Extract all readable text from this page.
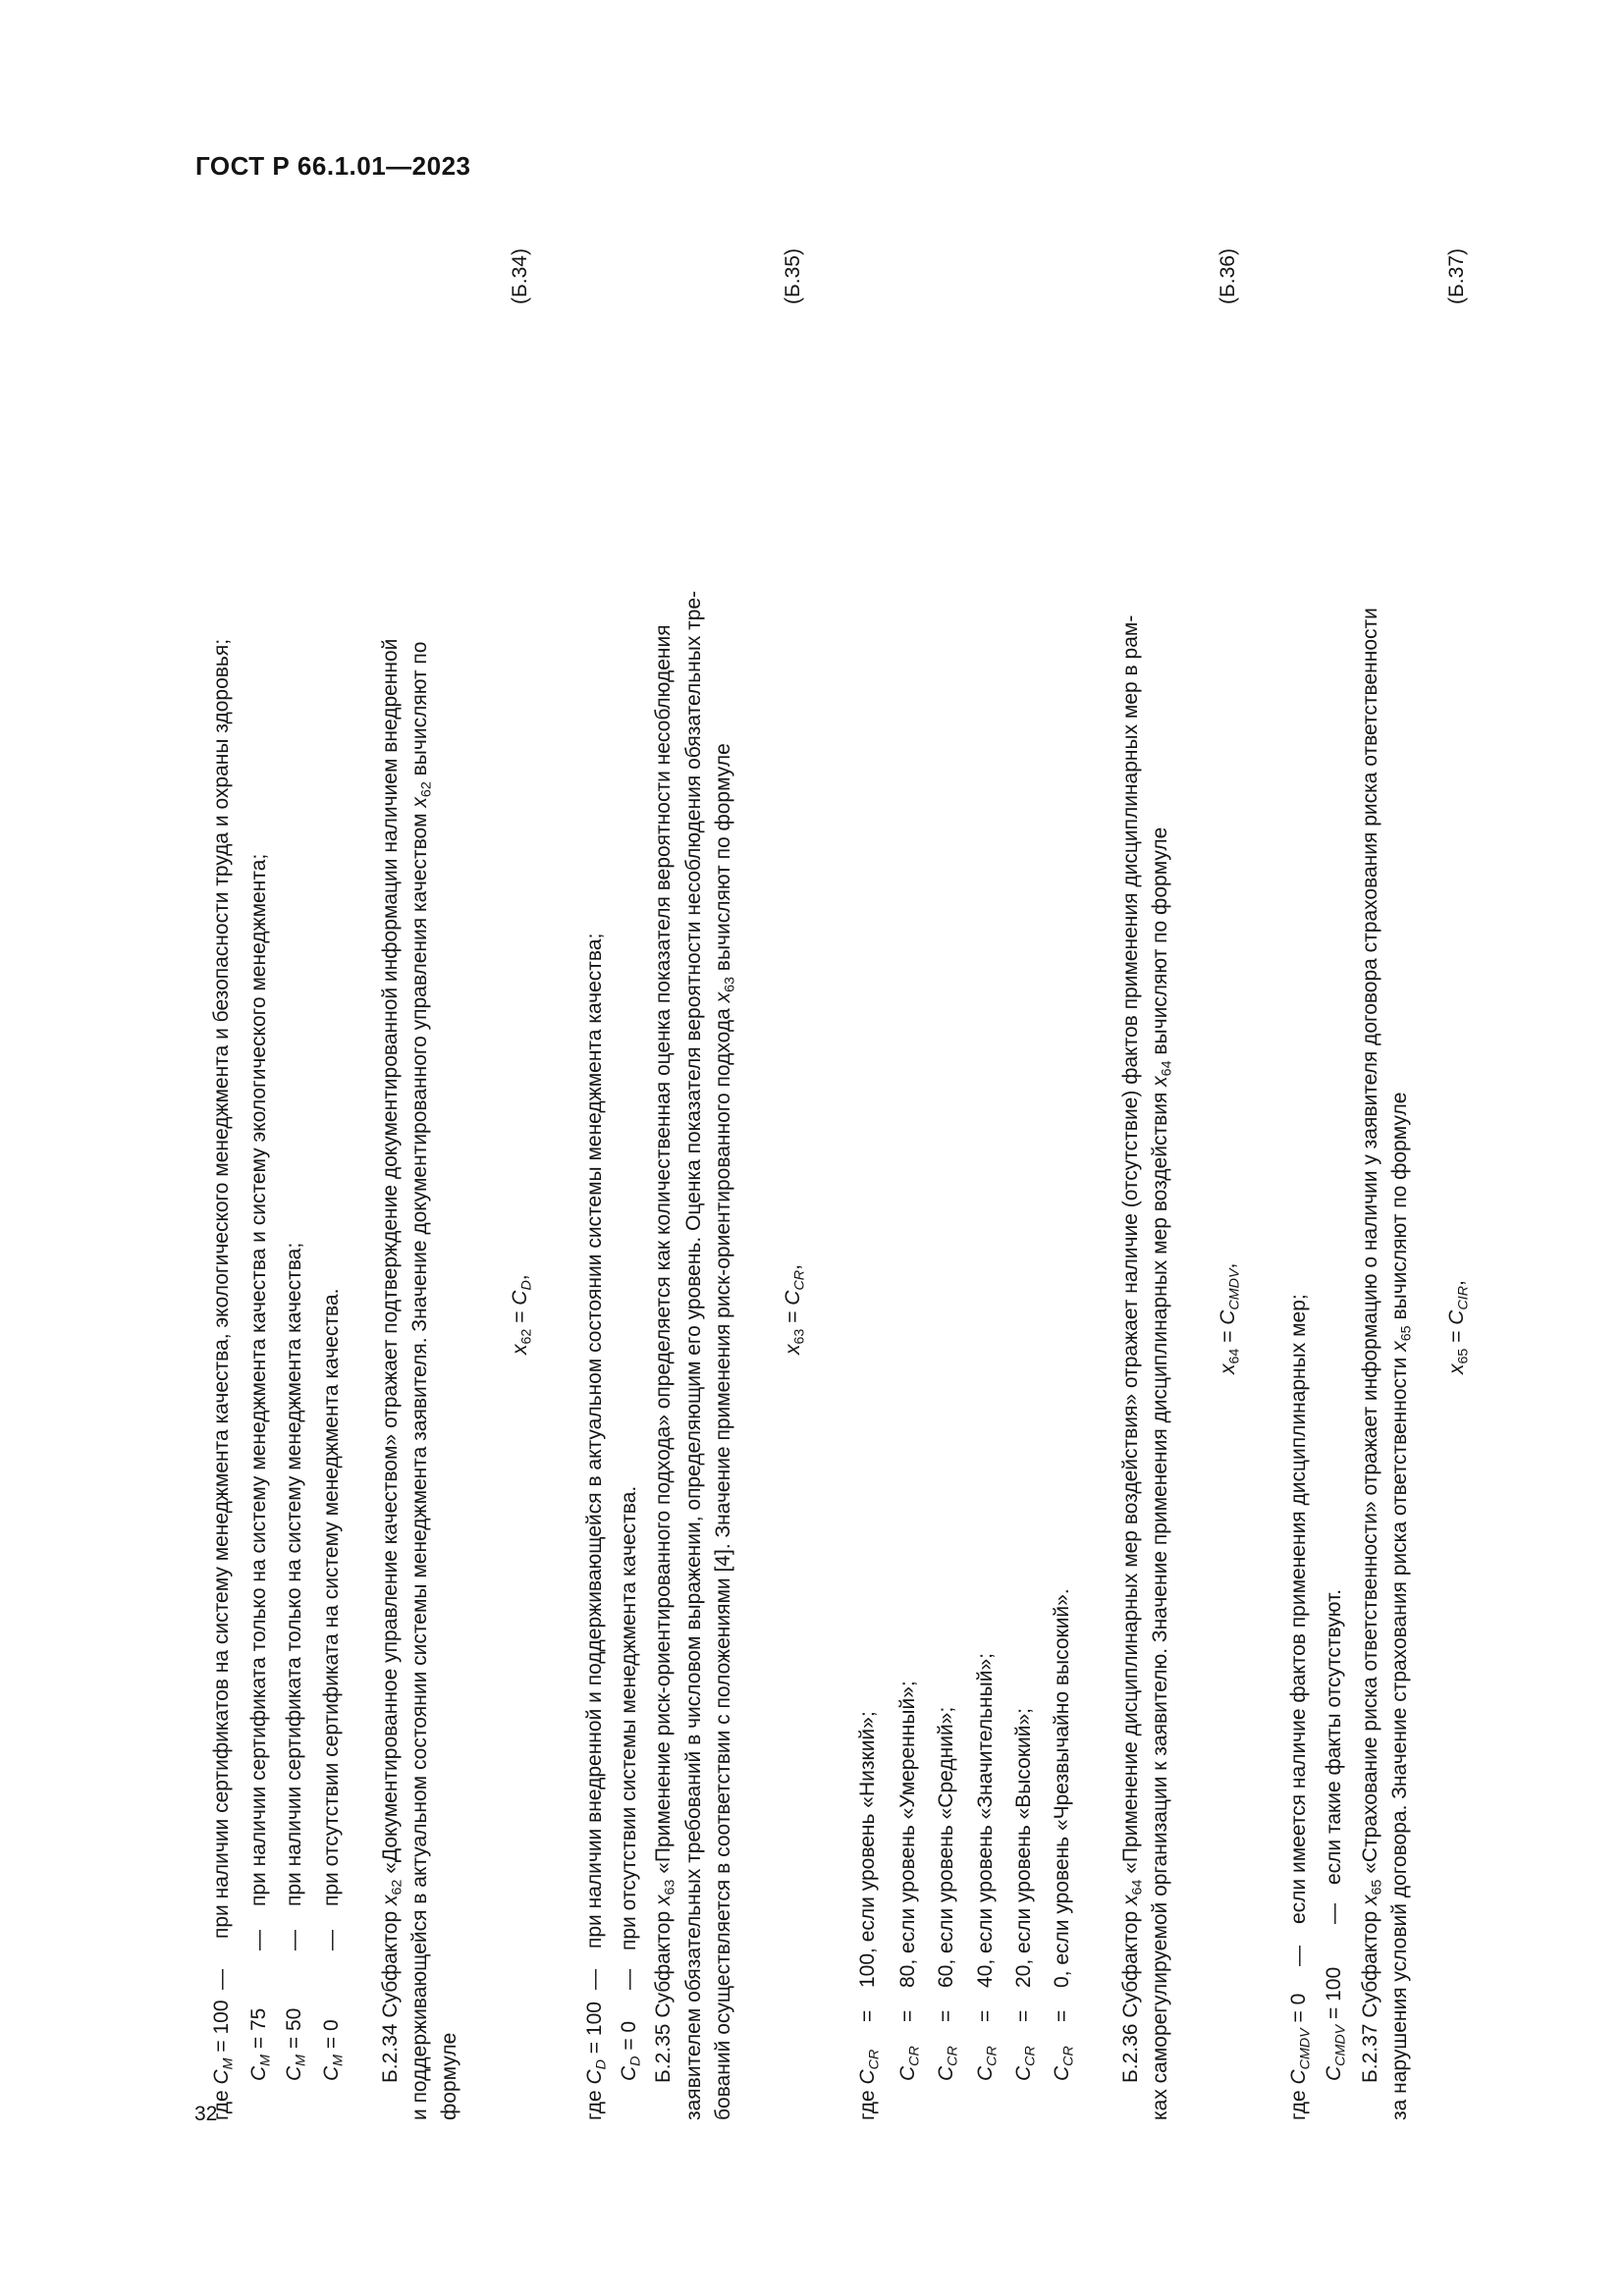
ГОСТ Р 66.1.01—2023
32
где $C_M = 100$
—
при наличии сертификатов на систему менеджмента качества, экологического менеджмента и безопасности труда и охраны здоровья;
$C_M = 75$
—
при наличии сертификата только на систему менеджмента качества и систему экологического менеджмента;
$C_M = 50$
—
при наличии сертификата только на систему менеджмента качества;
$C_M = 0$
—
при отсутствии сертификата на систему менеджмента качества.
Б.2.34 Субфактор $x_{62}$ «Документированное управление качеством» отражает подтверждение документированной информации наличием внедренной и поддерживающейся в актуальном состоянии системы менеджмента заявителя. Значение документированного управления качеством $x_{62}$ вычисляют по
формуле
$x_{62} = C_D$,
(Б.34)
где $C_D = 100$
—
при наличии внедренной и поддерживающейся в актуальном состоянии системы менеджмента качества;
$C_D = 0$
—
при отсутствии системы менеджмента качества.
Б.2.35 Субфактор $x_{63}$ «Применение риск-ориентированного подхода» определяется как количественная оценка показателя вероятности несоблюдения заявителем обязательных требований в числовом выражении, определяющим его уровень. Оценка показателя вероятности несоблюдения обязательных тре- бований осуществляется в соответствии с положениями [4]. Значение применения риск-ориентированного подхода $x_{63}$ вычисляют по формуле
$x_{63} = C_{CR}$,
(Б.35)
где $C_{CR}$
=
100, если уровень «Низкий»;
$C_{CR}$
=
80, если уровень «Умеренный»;
$C_{CR}$
=
60, если уровень «Средний»;
$C_{CR}$
=
40, если уровень «Значительный»;
$C_{CR}$
=
20, если уровень «Высокий»;
$C_{CR}$
=
0, если уровень «Чрезвычайно высокий».
Б.2.36 Субфактор $x_{64}$ «Применение дисциплинарных мер воздействия» отражает наличие (отсутствие) фактов применения дисциплинарных мер в рам- ках саморегулируемой организации к заявителю. Значение применения дисциплинарных мер воздействия $x_{64}$ вычисляют по формуле
$x_{64} = C_{CMDV}$,
(Б.36)
где $C_{CMDV} = 0$
—
если имеется наличие фактов применения дисциплинарных мер;
$C_{CMDV} = 100$
—
если такие факты отсутствуют.
Б.2.37 Субфактор $x_{65}$ «Страхование риска ответственности» отражает информацию о наличии у заявителя договора страхования риска ответственности за нарушения условий договора. Значение страхования риска ответственности $x_{65}$ вычисляют по формуле
$x_{65} = C_{CIR}$,
(Б.37)
